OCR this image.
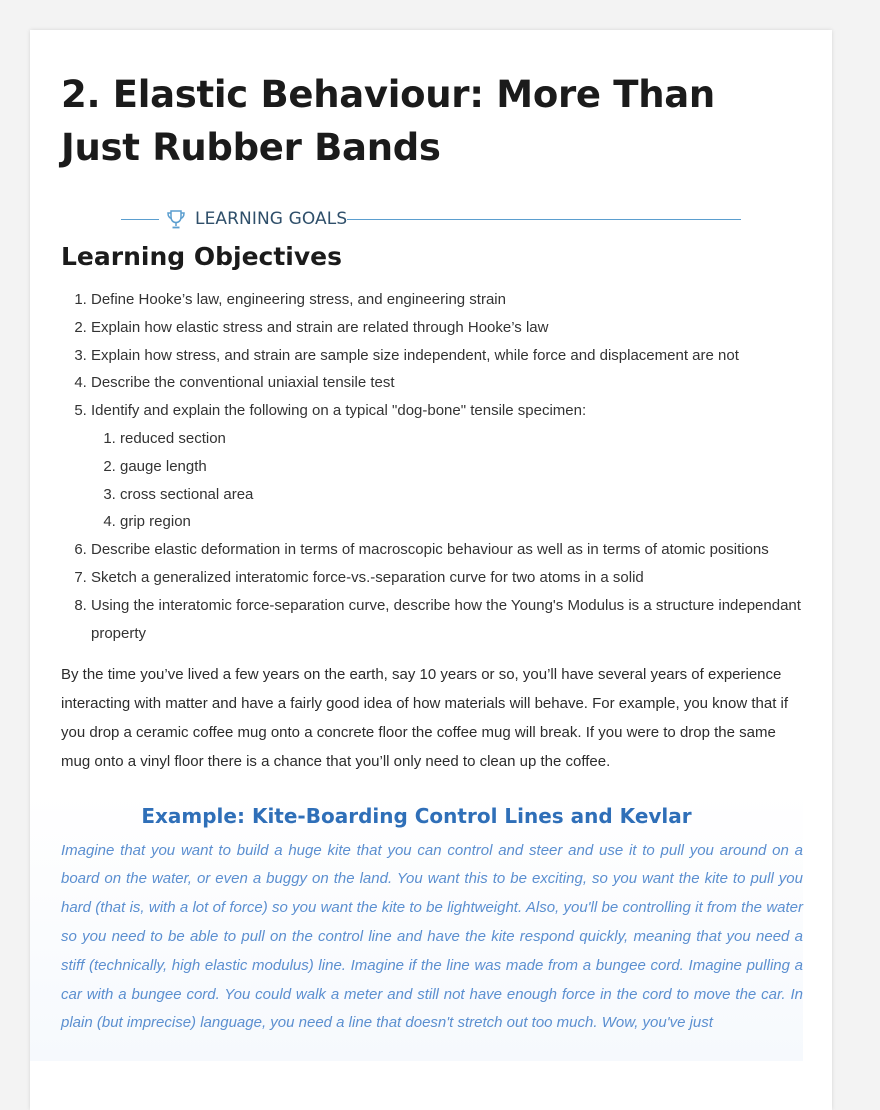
2. Elastic Behaviour: More Than Just Rubber Bands
LEARNING GOALS
Learning Objectives
1. Define Hooke’s law, engineering stress, and engineering strain
2. Explain how elastic stress and strain are related through Hooke’s law
3. Explain how stress, and strain are sample size independent, while force and displacement are not
4. Describe the conventional uniaxial tensile test
5. Identify and explain the following on a typical "dog-bone" tensile specimen:
1. reduced section
2. gauge length
3. cross sectional area
4. grip region
6. Describe elastic deformation in terms of macroscopic behaviour as well as in terms of atomic positions
7. Sketch a generalized interatomic force-vs.-separation curve for two atoms in a solid
8. Using the interatomic force-separation curve, describe how the Young's Modulus is a structure independant property

By the time you’ve lived a few years on the earth, say 10 years or so, you’ll have several years of experience interacting with matter and have a fairly good idea of how materials will behave. For example, you know that if you drop a ceramic coffee mug onto a concrete floor the coffee mug will break. If you were to drop the same mug onto a vinyl floor there is a chance that you’ll only need to clean up the coffee.

Example: Kite-Boarding Control Lines and Kevlar
Imagine that you want to build a huge kite that you can control and steer and use it to pull you around on a board on the water, or even a buggy on the land. You want this to be exciting, so you want the kite to pull you hard (that is, with a lot of force) so you want the kite to be lightweight. Also, you'll be controlling it from the water so you need to be able to pull on the control line and have the kite respond quickly, meaning that you need a stiff (technically, high elastic modulus) line. Imagine if the line was made from a bungee cord. Imagine pulling a car with a bungee cord. You could walk a meter and still not have enough force in the cord to move the car. In plain (but imprecise) language, you need a line that doesn't stretch out too much. Wow, you've just
